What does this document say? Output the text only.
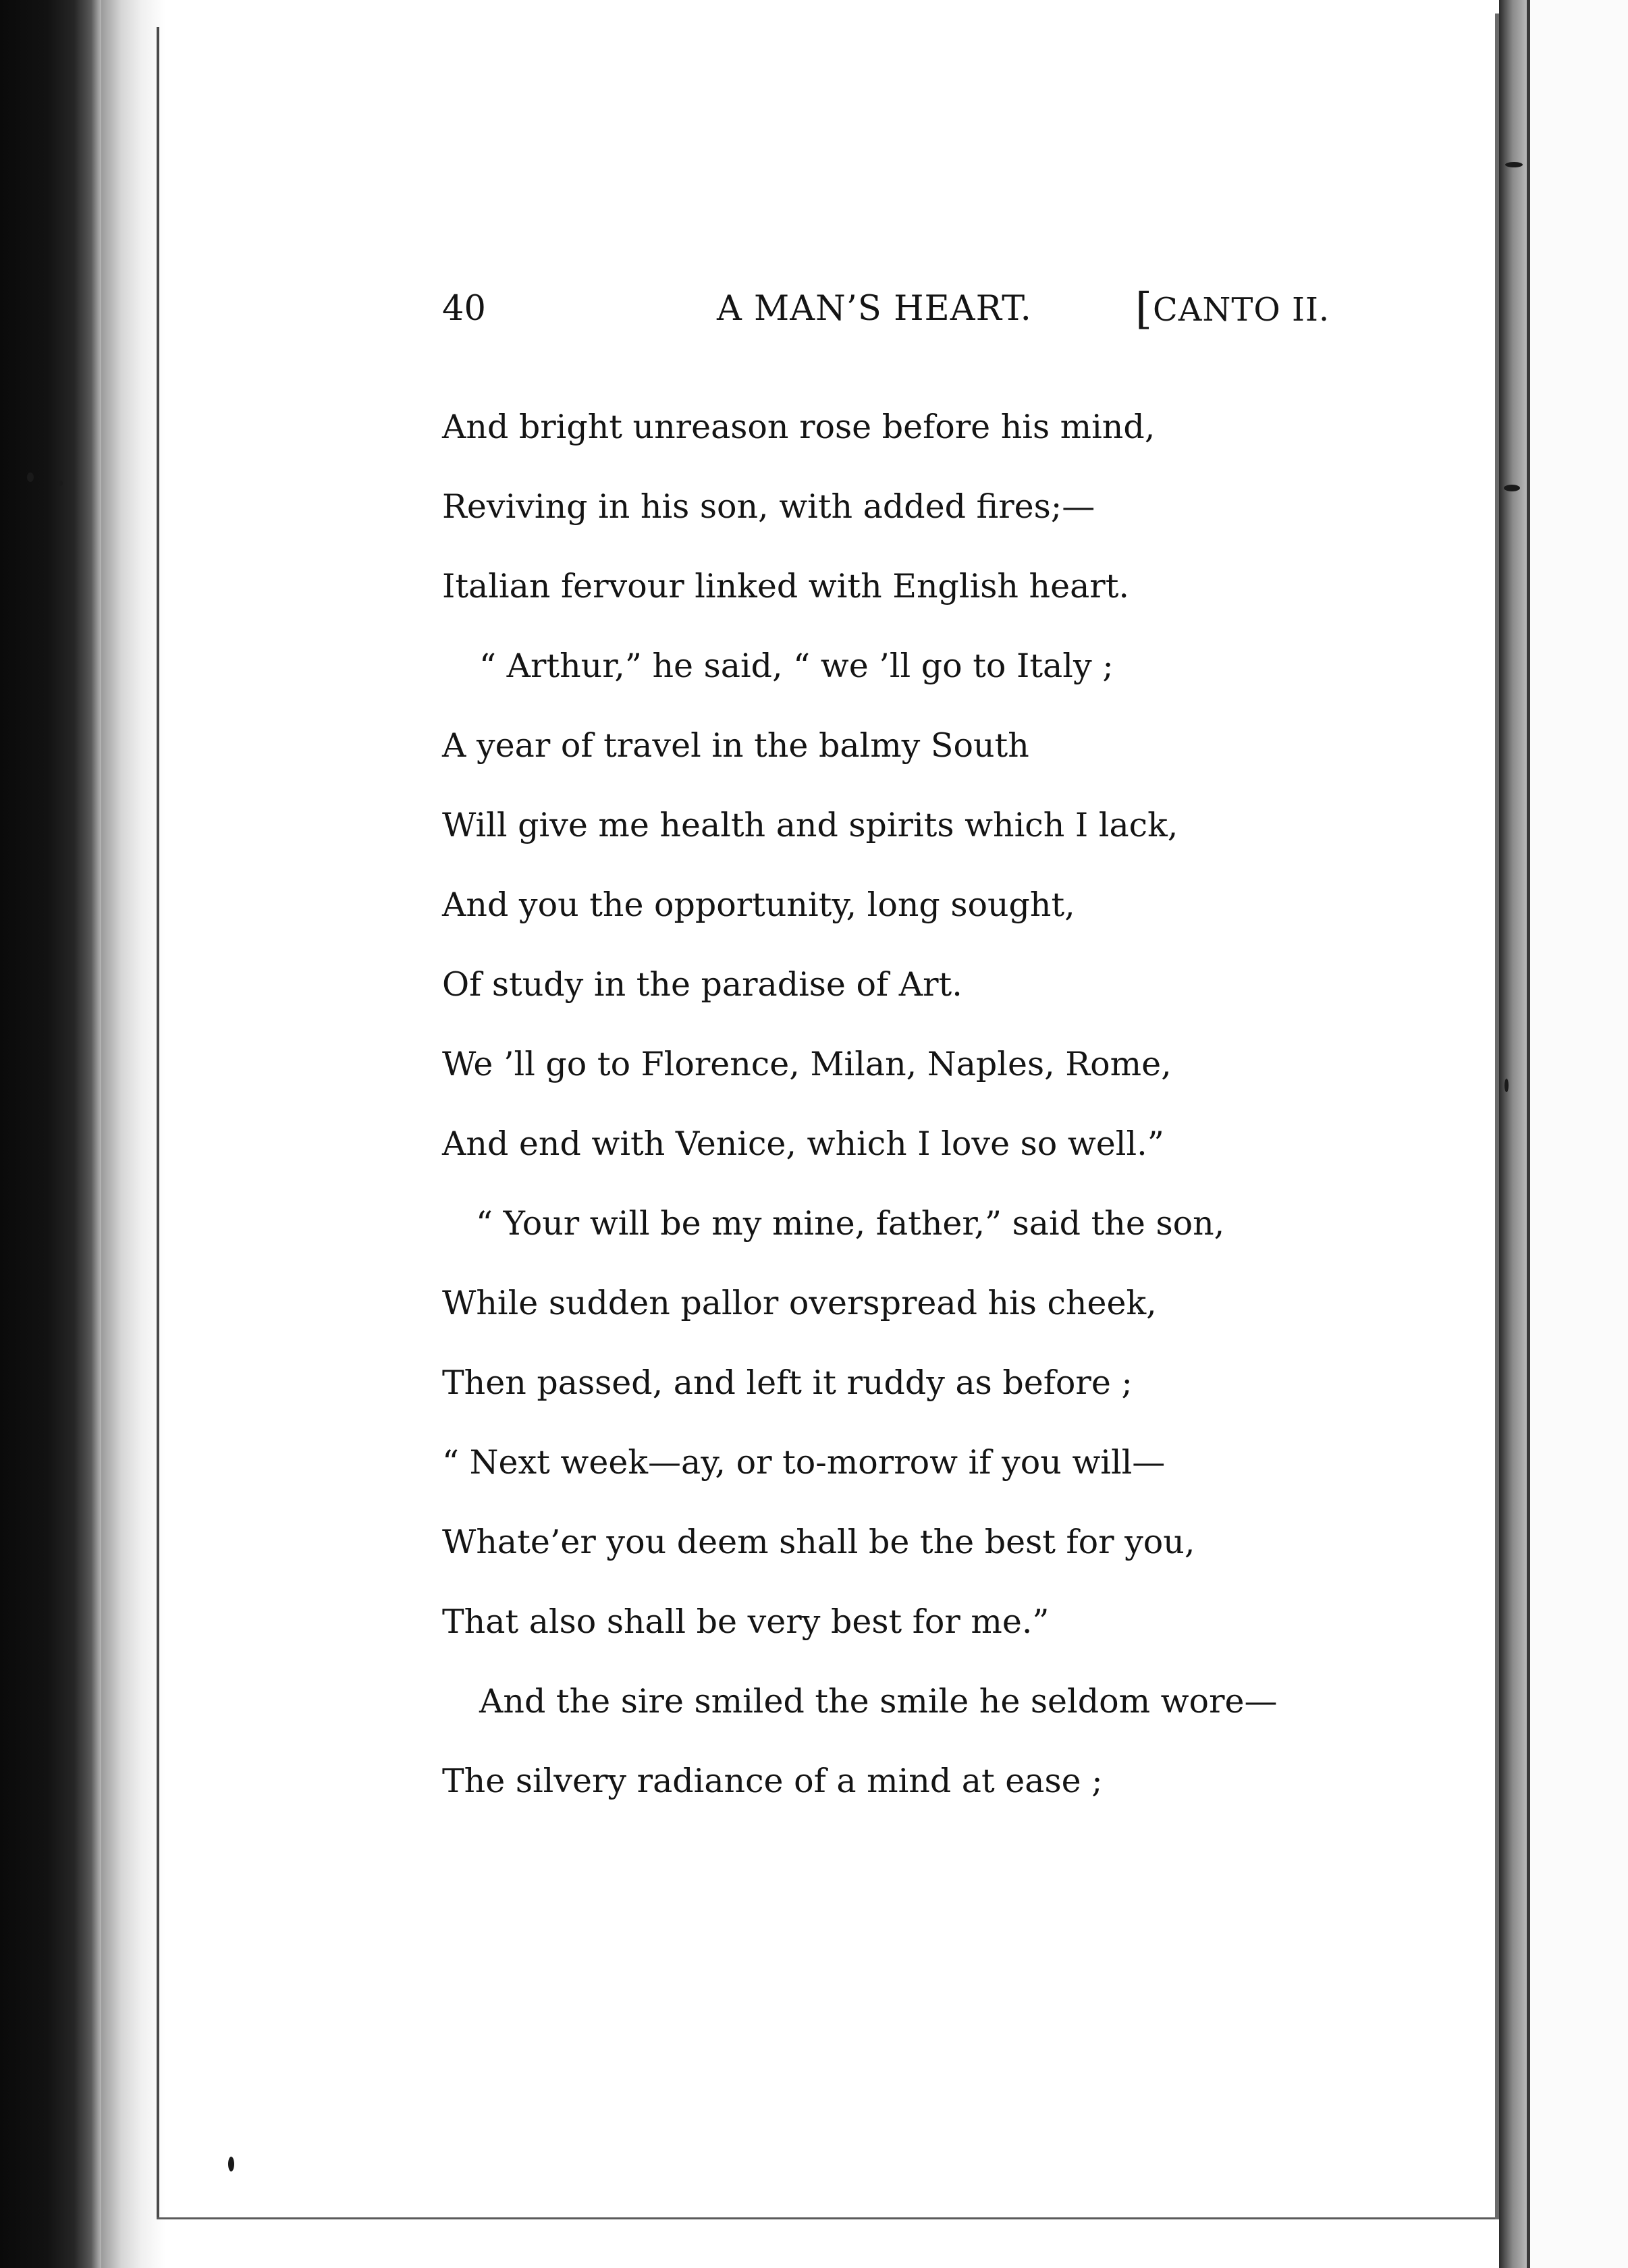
40	A MAN’S HEART. [CANTO II.
And bright unreason rose before his mind,
Reviving in his son, with added fires;—
Italian fervour linked with English heart.
“ Arthur,” he said, “ we ’ll go to Italy ;
A year of travel in the balmy South
Will give me health and spirits which I lack,
And you the opportunity, long sought,
Of study in the paradise of Art.
We ’ll go to Florence, Milan, Naples, Rome,
And end with Venice, which I love so well.”
“ Your will be my mine, father,” said the son,
While sudden pallor overspread his cheek,
Then passed, and left it ruddy as before ;
“ Next week—ay, or to-morrow if you will—
Whate’er you deem shall be the best for you,
That also shall be very best for me.”
And the sire smiled the smile he seldom wore—
The silvery radiance of a mind at ease ;
